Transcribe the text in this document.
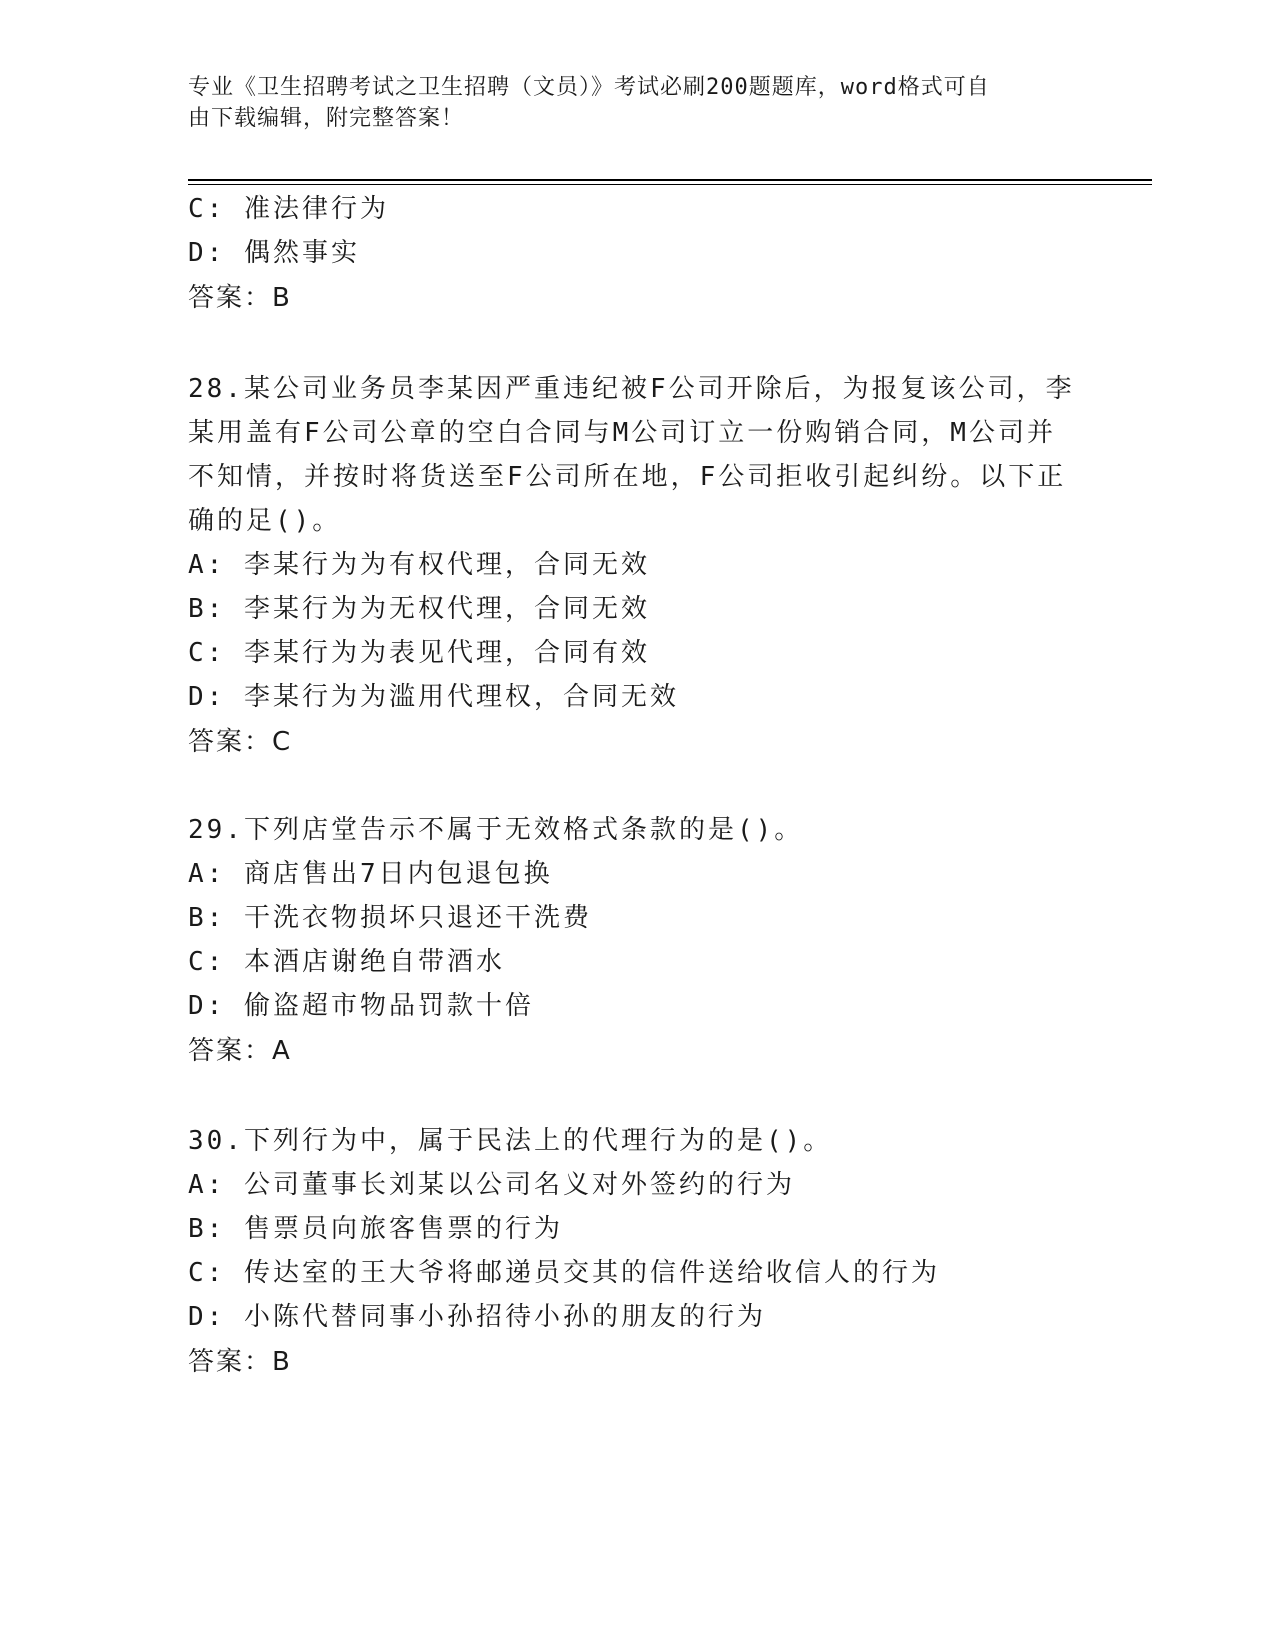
专业《卫生招聘考试之卫生招聘（文员）》考试必刷200题题库，word格式可自
由下载编辑，附完整答案！
C: 准法律行为
D: 偶然事实
答案：B
28.某公司业务员李某因严重违纪被F公司开除后，为报复该公司，李
某用盖有F公司公章的空白合同与M公司订立一份购销合同，M公司并
不知情，并按时将货送至F公司所在地，F公司拒收引起纠纷。以下正
确的足()。
A: 李某行为为有权代理，合同无效
B: 李某行为为无权代理，合同无效
C: 李某行为为表见代理，合同有效
D: 李某行为为滥用代理权，合同无效
答案：C
29.下列店堂告示不属于无效格式条款的是()。
A: 商店售出7日内包退包换
B: 干洗衣物损坏只退还干洗费
C: 本酒店谢绝自带酒水
D: 偷盗超市物品罚款十倍
答案：A
30.下列行为中，属于民法上的代理行为的是()。
A: 公司董事长刘某以公司名义对外签约的行为
B: 售票员向旅客售票的行为
C: 传达室的王大爷将邮递员交其的信件送给收信人的行为
D: 小陈代替同事小孙招待小孙的朋友的行为
答案：B
